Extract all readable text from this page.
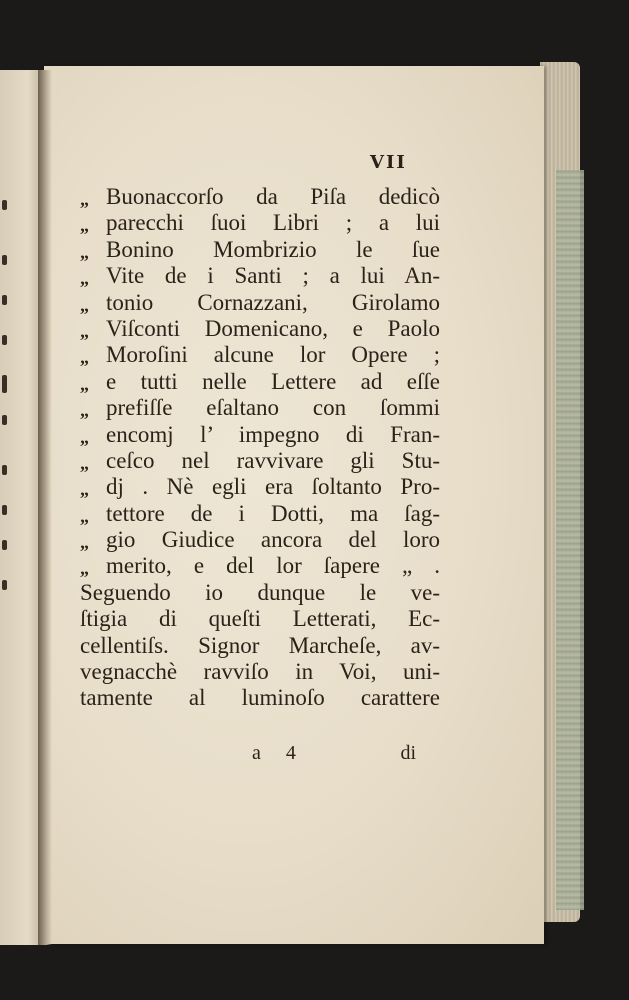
VII
„ Buonaccorſo da Piſa dedicò
„ parecchi ſuoi Libri ; a lui
„ Bonino Mombrizio le ſue
„ Vite de i Santi ; a lui An-
„ tonio Cornazzani, Girolamo
„ Viſconti Domenicano, e Paolo
„ Moroſini alcune lor Opere ;
„ e tutti nelle Lettere ad eſſe
„ prefiſſe eſaltano con ſommi
„ encomj l’ impegno di Fran-
„ ceſco nel ravvivare gli Stu-
„ dj . Nè egli era ſoltanto Pro-
„ tettore de i Dotti, ma ſag-
„ gio Giudice ancora del loro
„ merito, e del lor ſapere „ .
Seguendo io dunque le ve-
ſtigia di queſti Letterati, Ec-
cellentiſs. Signor Marcheſe, av-
vegnacchè ravviſo in Voi, uni-
tamente al luminoſo carattere
a 4	di
